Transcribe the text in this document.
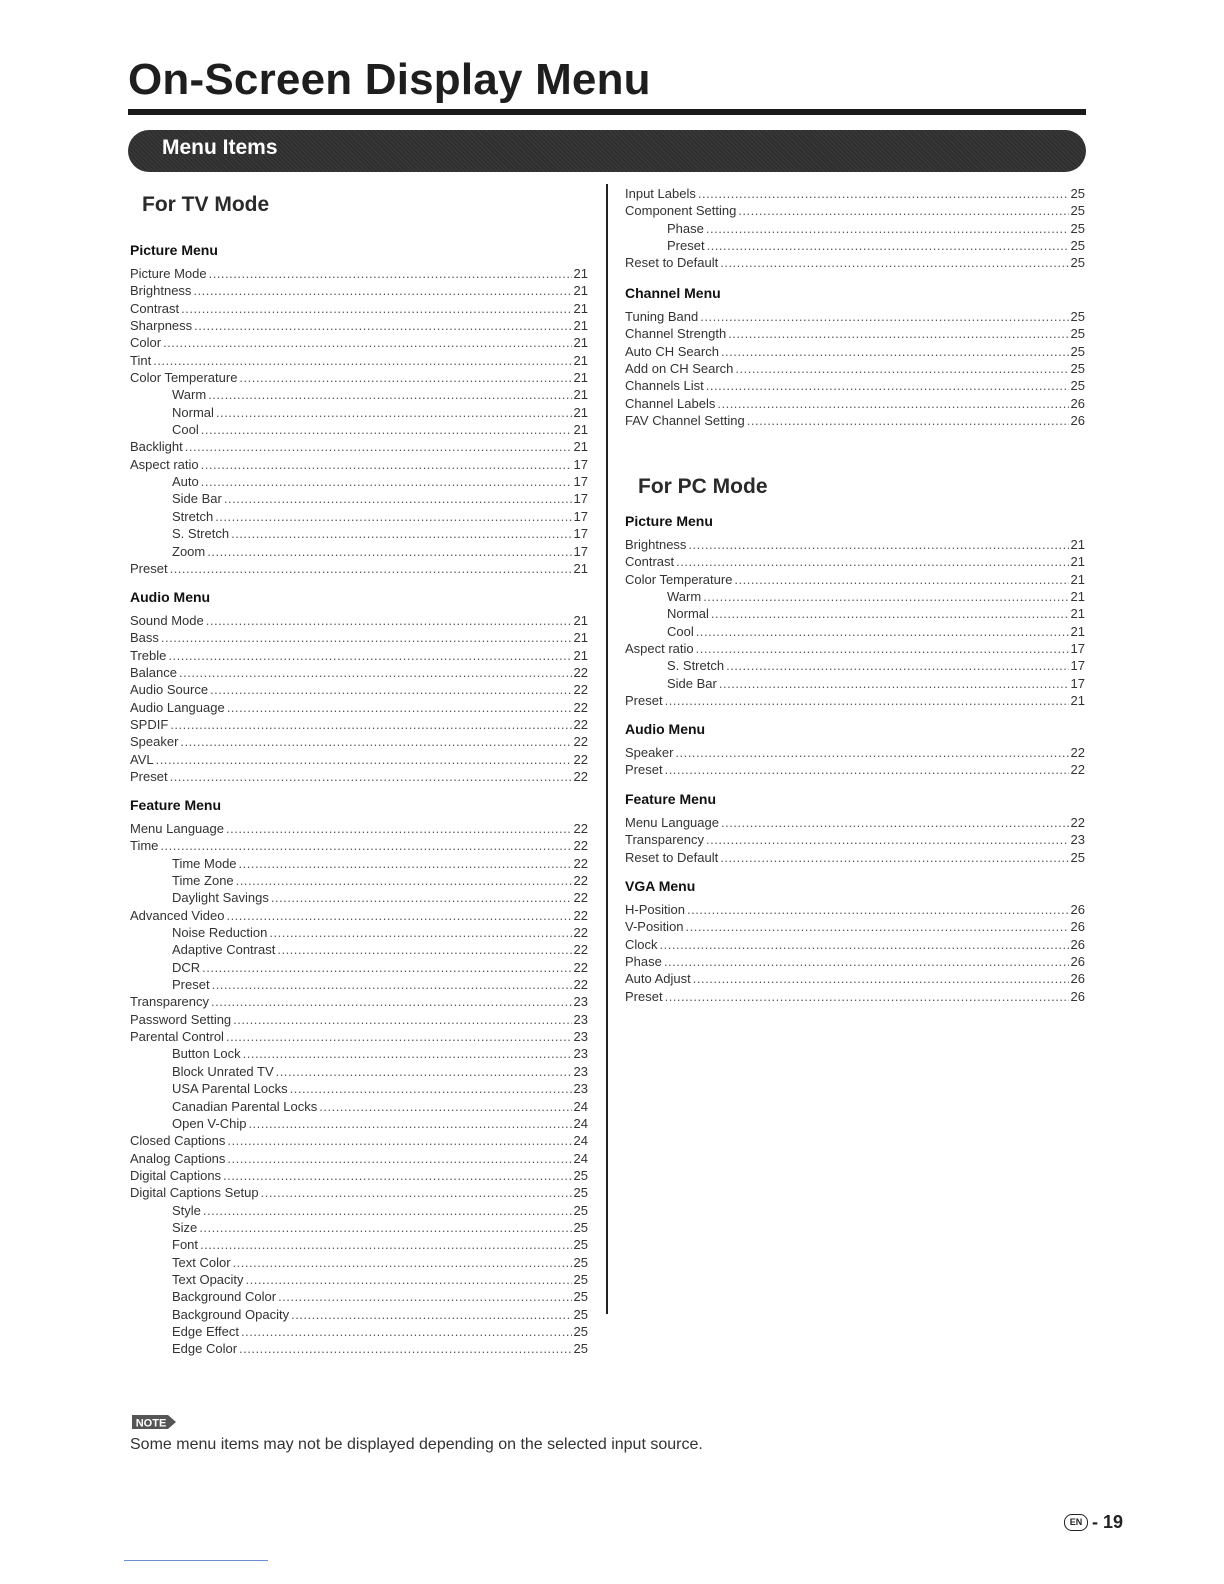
On-Screen Display Menu
Menu Items
For TV Mode
Picture Menu
Picture Mode .....	21
Brightness .....	21
Contrast .....	21
Sharpness .....	21
Color .....	21
Tint .....	21
Color Temperature .....	21
Warm .....	21
Normal .....	21
Cool .....	21
Backlight .....	21
Aspect ratio .....	17
Auto .....	17
Side Bar .....	17
Stretch .....	17
S. Stretch .....	17
Zoom .....	17
Preset .....	21
Audio Menu
Sound Mode .....	21
Bass .....	21
Treble .....	21
Balance .....	22
Audio Source .....	22
Audio Language .....	22
SPDIF .....	22
Speaker .....	22
AVL .....	22
Preset .....	22
Feature Menu
Menu Language .....	22
Time .....	22
Time Mode .....	22
Time Zone .....	22
Daylight Savings .....	22
Advanced Video .....	22
Noise Reduction .....	22
Adaptive Contrast .....	22
DCR .....	22
Preset .....	22
Transparency .....	23
Password Setting .....	23
Parental Control .....	23
Button Lock .....	23
Block Unrated TV .....	23
USA Parental Locks .....	23
Canadian Parental Locks .....	24
Open V-Chip .....	24
Closed Captions .....	24
Analog Captions .....	24
Digital Captions .....	25
Digital Captions Setup .....	25
Style .....	25
Size .....	25
Font .....	25
Text Color .....	25
Text Opacity .....	25
Background Color .....	25
Background Opacity .....	25
Edge Effect .....	25
Edge Color .....	25
Input Labels .....	25
Component Setting .....	25
Phase .....	25
Preset .....	25
Reset to Default .....	25
Channel Menu
Tuning Band .....	25
Channel Strength .....	25
Auto CH Search .....	25
Add on CH Search .....	25
Channels List .....	25
Channel Labels .....	26
FAV Channel Setting .....	26
For PC Mode
Picture Menu
Brightness .....	21
Contrast .....	21
Color Temperature .....	21
Warm .....	21
Normal .....	21
Cool .....	21
Aspect ratio .....	17
S. Stretch .....	17
Side Bar .....	17
Preset .....	21
Audio Menu
Speaker .....	22
Preset .....	22
Feature Menu
Menu Language .....	22
Transparency .....	23
Reset to Default .....	25
VGA Menu
H-Position .....	26
V-Position .....	26
Clock .....	26
Phase .....	26
Auto Adjust .....	26
Preset .....	26
NOTE
Some menu items may not be displayed depending on the selected input source.
EN - 19
